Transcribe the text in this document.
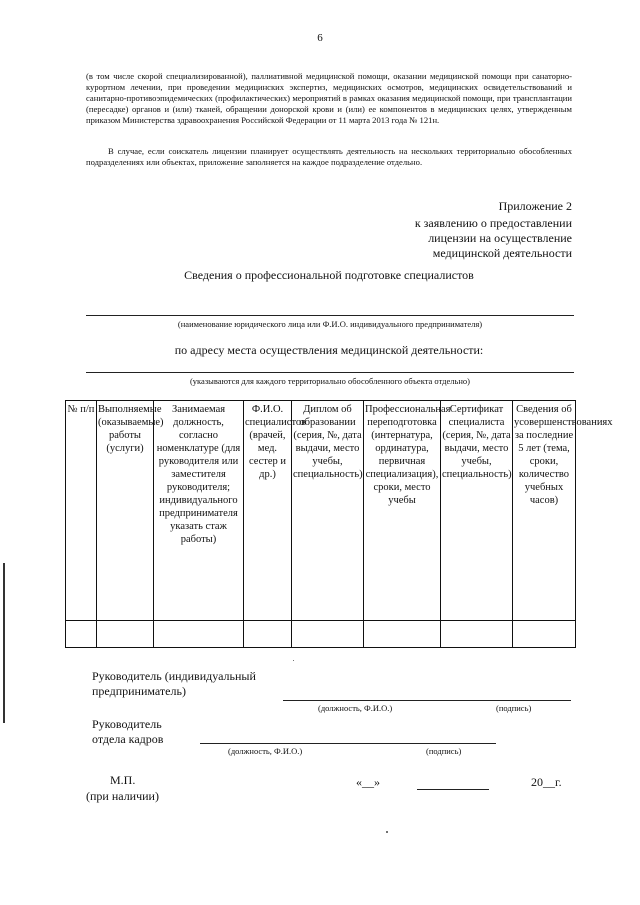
6
(в том числе скорой специализированной), паллиативной медицинской помощи, оказании медицинской помощи при санаторно-курортном лечении, при проведении медицинских экспертиз, медицинских осмотров, медицинских освидетельствований и санитарно-противоэпидемических (профилактических) мероприятий в рамках оказания медицинской помощи, при трансплантации (пересадке) органов и (или) тканей, обращении донорской крови и (или) ее компонентов в медицинских целях, утвержденным приказом Министерства здравоохранения Российской Федерации от 11 марта 2013 года № 121н.
В случае, если соискатель лицензии планирует осуществлять деятельность на нескольких территориально обособленных подразделениях или объектах, приложение заполняется на каждое подразделение отдельно.
Приложение 2
к заявлению о предоставлении
лицензии на осуществление
медицинской деятельности
Сведения о профессиональной подготовке специалистов
(наименование юридического лица или Ф.И.О. индивидуального предпринимателя)
по адресу места осуществления медицинской деятельности:
(указываются для каждого территориально обособленного объекта отдельно)
№ п/п	Выполняемые (оказываемые) работы (услуги)	Занимаемая должность, согласно номенклатуре (для руководителя или заместителя руководителя; индивидуального предпринимателя указать стаж работы)	Ф.И.О. специалистов (врачей, мед. сестер и др.)	Диплом об образовании (серия, №, дата выдачи, место учебы, специальность)	Профессиональная переподготовка (интернатура, ординатура, первичная специализация), сроки, место учебы	Сертификат специалиста (серия, №, дата выдачи, место учебы, специальность)	Сведения об усовершенствованиях за последние 5 лет (тема, сроки, количество учебных часов)

Руководитель (индивидуальный
предприниматель)
(должность, Ф.И.О.)	(подпись)
Руководитель
отдела кадров
(должность, Ф.И.О.)	(подпись)
М.П.
(при наличии)
«__»	20__г.
